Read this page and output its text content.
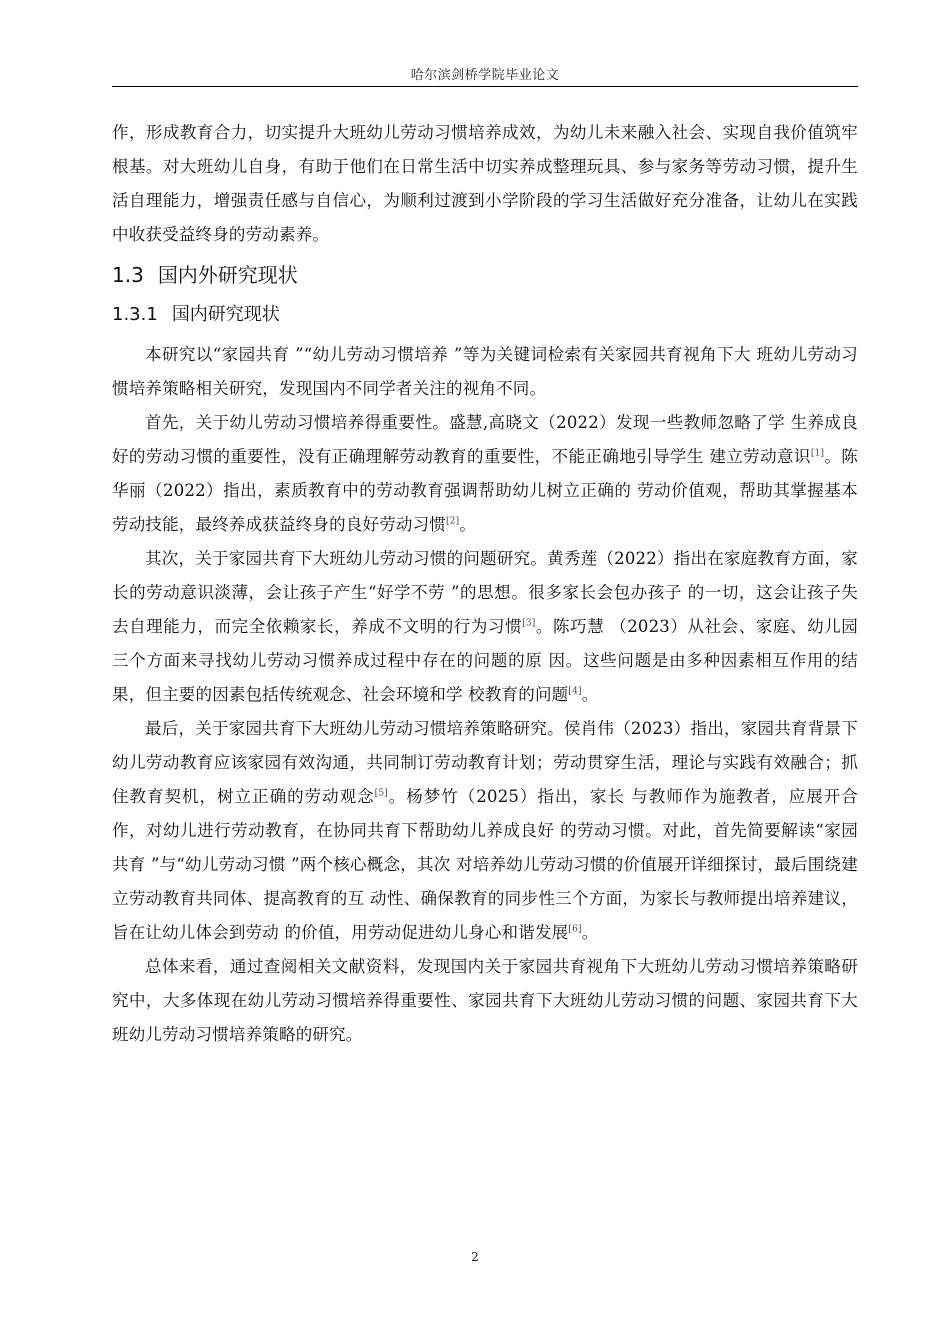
哈尔滨剑桥学院毕业论文

作，形成教育合力，切实提升大班幼儿劳动习惯培养成效，为幼儿未来融入社会、实现自我价值筑牢根基。对大班幼儿自身，有助于他们在日常生活中切实养成整理玩具、参与家务等劳动习惯，提升生活自理能力，增强责任感与自信心，为顺利过渡到小学阶段的学习生活做好充分准备，让幼儿在实践中收获受益终身的劳动素养。

1.3 国内外研究现状
1.3.1 国内研究现状

本研究以“家园共育 ”“幼儿劳动习惯培养 ”等为关键词检索有关家园共育视角下大 班幼儿劳动习惯培养策略相关研究，发现国内不同学者关注的视角不同。

首先，关于幼儿劳动习惯培养得重要性。盛慧,高晓文（2022）发现一些教师忽略了学 生养成良好的劳动习惯的重要性，没有正确理解劳动教育的重要性，不能正确地引导学生 建立劳动意识[1]。陈华丽（2022）指出，素质教育中的劳动教育强调帮助幼儿树立正确的 劳动价值观，帮助其掌握基本劳动技能，最终养成获益终身的良好劳动习惯[2]。

其次，关于家园共育下大班幼儿劳动习惯的问题研究。黄秀莲（2022）指出在家庭教育方面，家长的劳动意识淡薄，会让孩子产生“好学不劳 ”的思想。很多家长会包办孩子 的一切，这会让孩子失去自理能力，而完全依赖家长，养成不文明的行为习惯[3]。陈巧慧 （2023）从社会、家庭、幼儿园三个方面来寻找幼儿劳动习惯养成过程中存在的问题的原 因。这些问题是由多种因素相互作用的结果，但主要的因素包括传统观念、社会环境和学 校教育的问题[4]。

最后，关于家园共育下大班幼儿劳动习惯培养策略研究。侯肖伟（2023）指出，家园共育背景下幼儿劳动教育应该家园有效沟通，共同制订劳动教育计划；劳动贯穿生活，理论与实践有效融合；抓住教育契机，树立正确的劳动观念[5]。杨梦竹（2025）指出，家长 与教师作为施教者，应展开合作，对幼儿进行劳动教育，在协同共育下帮助幼儿养成良好 的劳动习惯。对此，首先简要解读“家园共育 ”与“幼儿劳动习惯 ”两个核心概念，其次 对培养幼儿劳动习惯的价值展开详细探讨，最后围绕建立劳动教育共同体、提高教育的互 动性、确保教育的同步性三个方面，为家长与教师提出培养建议，旨在让幼儿体会到劳动 的价值，用劳动促进幼儿身心和谐发展[6]。

总体来看，通过查阅相关文献资料，发现国内关于家园共育视角下大班幼儿劳动习惯培养策略研究中，大多体现在幼儿劳动习惯培养得重要性、家园共育下大班幼儿劳动习惯的问题、家园共育下大班幼儿劳动习惯培养策略的研究。

2
